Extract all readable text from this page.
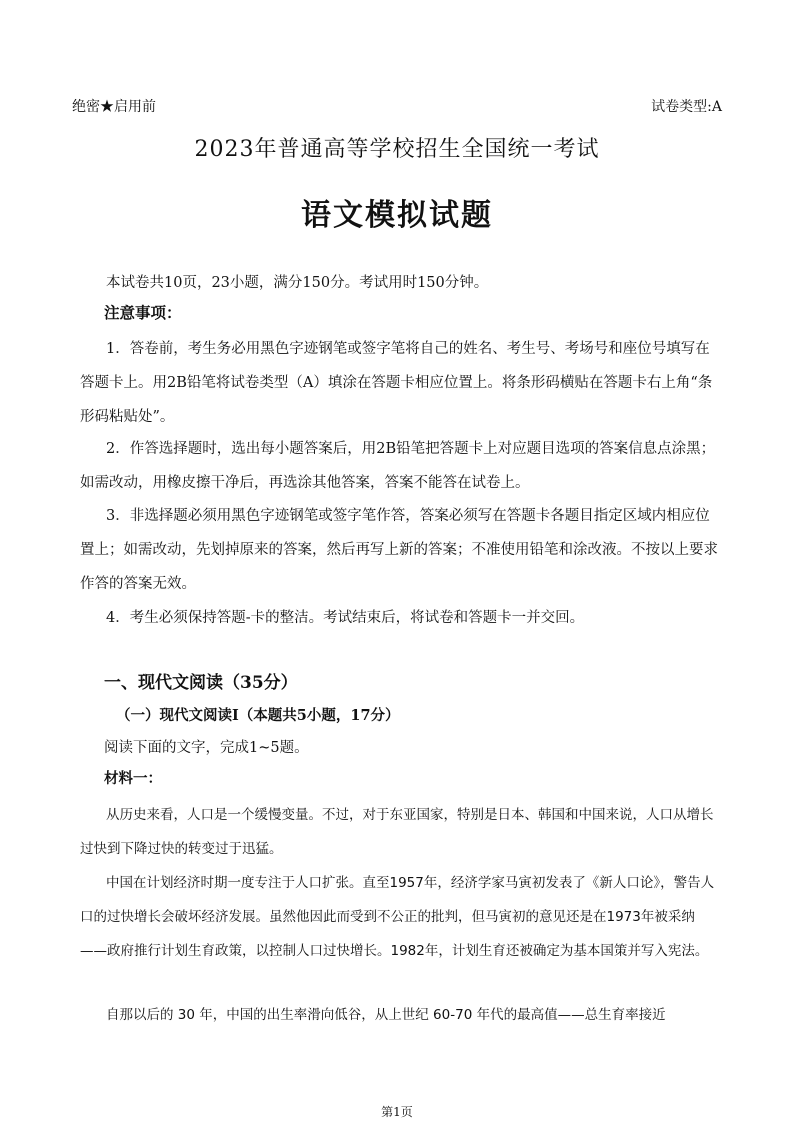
绝密★启用前	试卷类型:A
2023年普通高等学校招生全国统一考试
语文模拟试题
本试卷共10页，23小题，满分150分。考试用时150分钟。
注意事项：
1．答卷前，考生务必用黑色字迹钢笔或签字笔将自己的姓名、考生号、考场号和座位号填写在答题卡上。用2B铅笔将试卷类型（A）填涂在答题卡相应位置上。将条形码横贴在答题卡右上角“条形码粘贴处”。
2．作答选择题时，选出每小题答案后，用2B铅笔把答题卡上对应题目选项的答案信息点涂黑；如需改动，用橡皮擦干净后，再选涂其他答案，答案不能答在试卷上。
3．非选择题必须用黑色字迹钢笔或签字笔作答，答案必须写在答题卡各题目指定区域内相应位置上；如需改动，先划掉原来的答案，然后再写上新的答案；不准使用铅笔和涂改液。不按以上要求作答的答案无效。
4．考生必须保持答题-卡的整洁。考试结束后，将试卷和答题卡一并交回。
一、现代文阅读（35分）
（一）现代文阅读I（本题共5小题，17分）
阅读下面的文字，完成1~5题。
材料一：
从历史来看，人口是一个缓慢变量。不过，对于东亚国家，特别是日本、韩国和中国来说，人口从增长过快到下降过快的转变过于迅猛。
中国在计划经济时期一度专注于人口扩张。直至1957年，经济学家马寅初发表了《新人口论》，警告人口的过快增长会破坏经济发展。虽然他因此而受到不公正的批判，但马寅初的意见还是在1973年被采纳——政府推行计划生育政策，以控制人口过快增长。1982年，计划生育还被确定为基本国策并写入宪法。
自那以后的 30 年，中国的出生率滑向低谷，从上世纪 60-70 年代的最高值——总生育率接近
第1页
